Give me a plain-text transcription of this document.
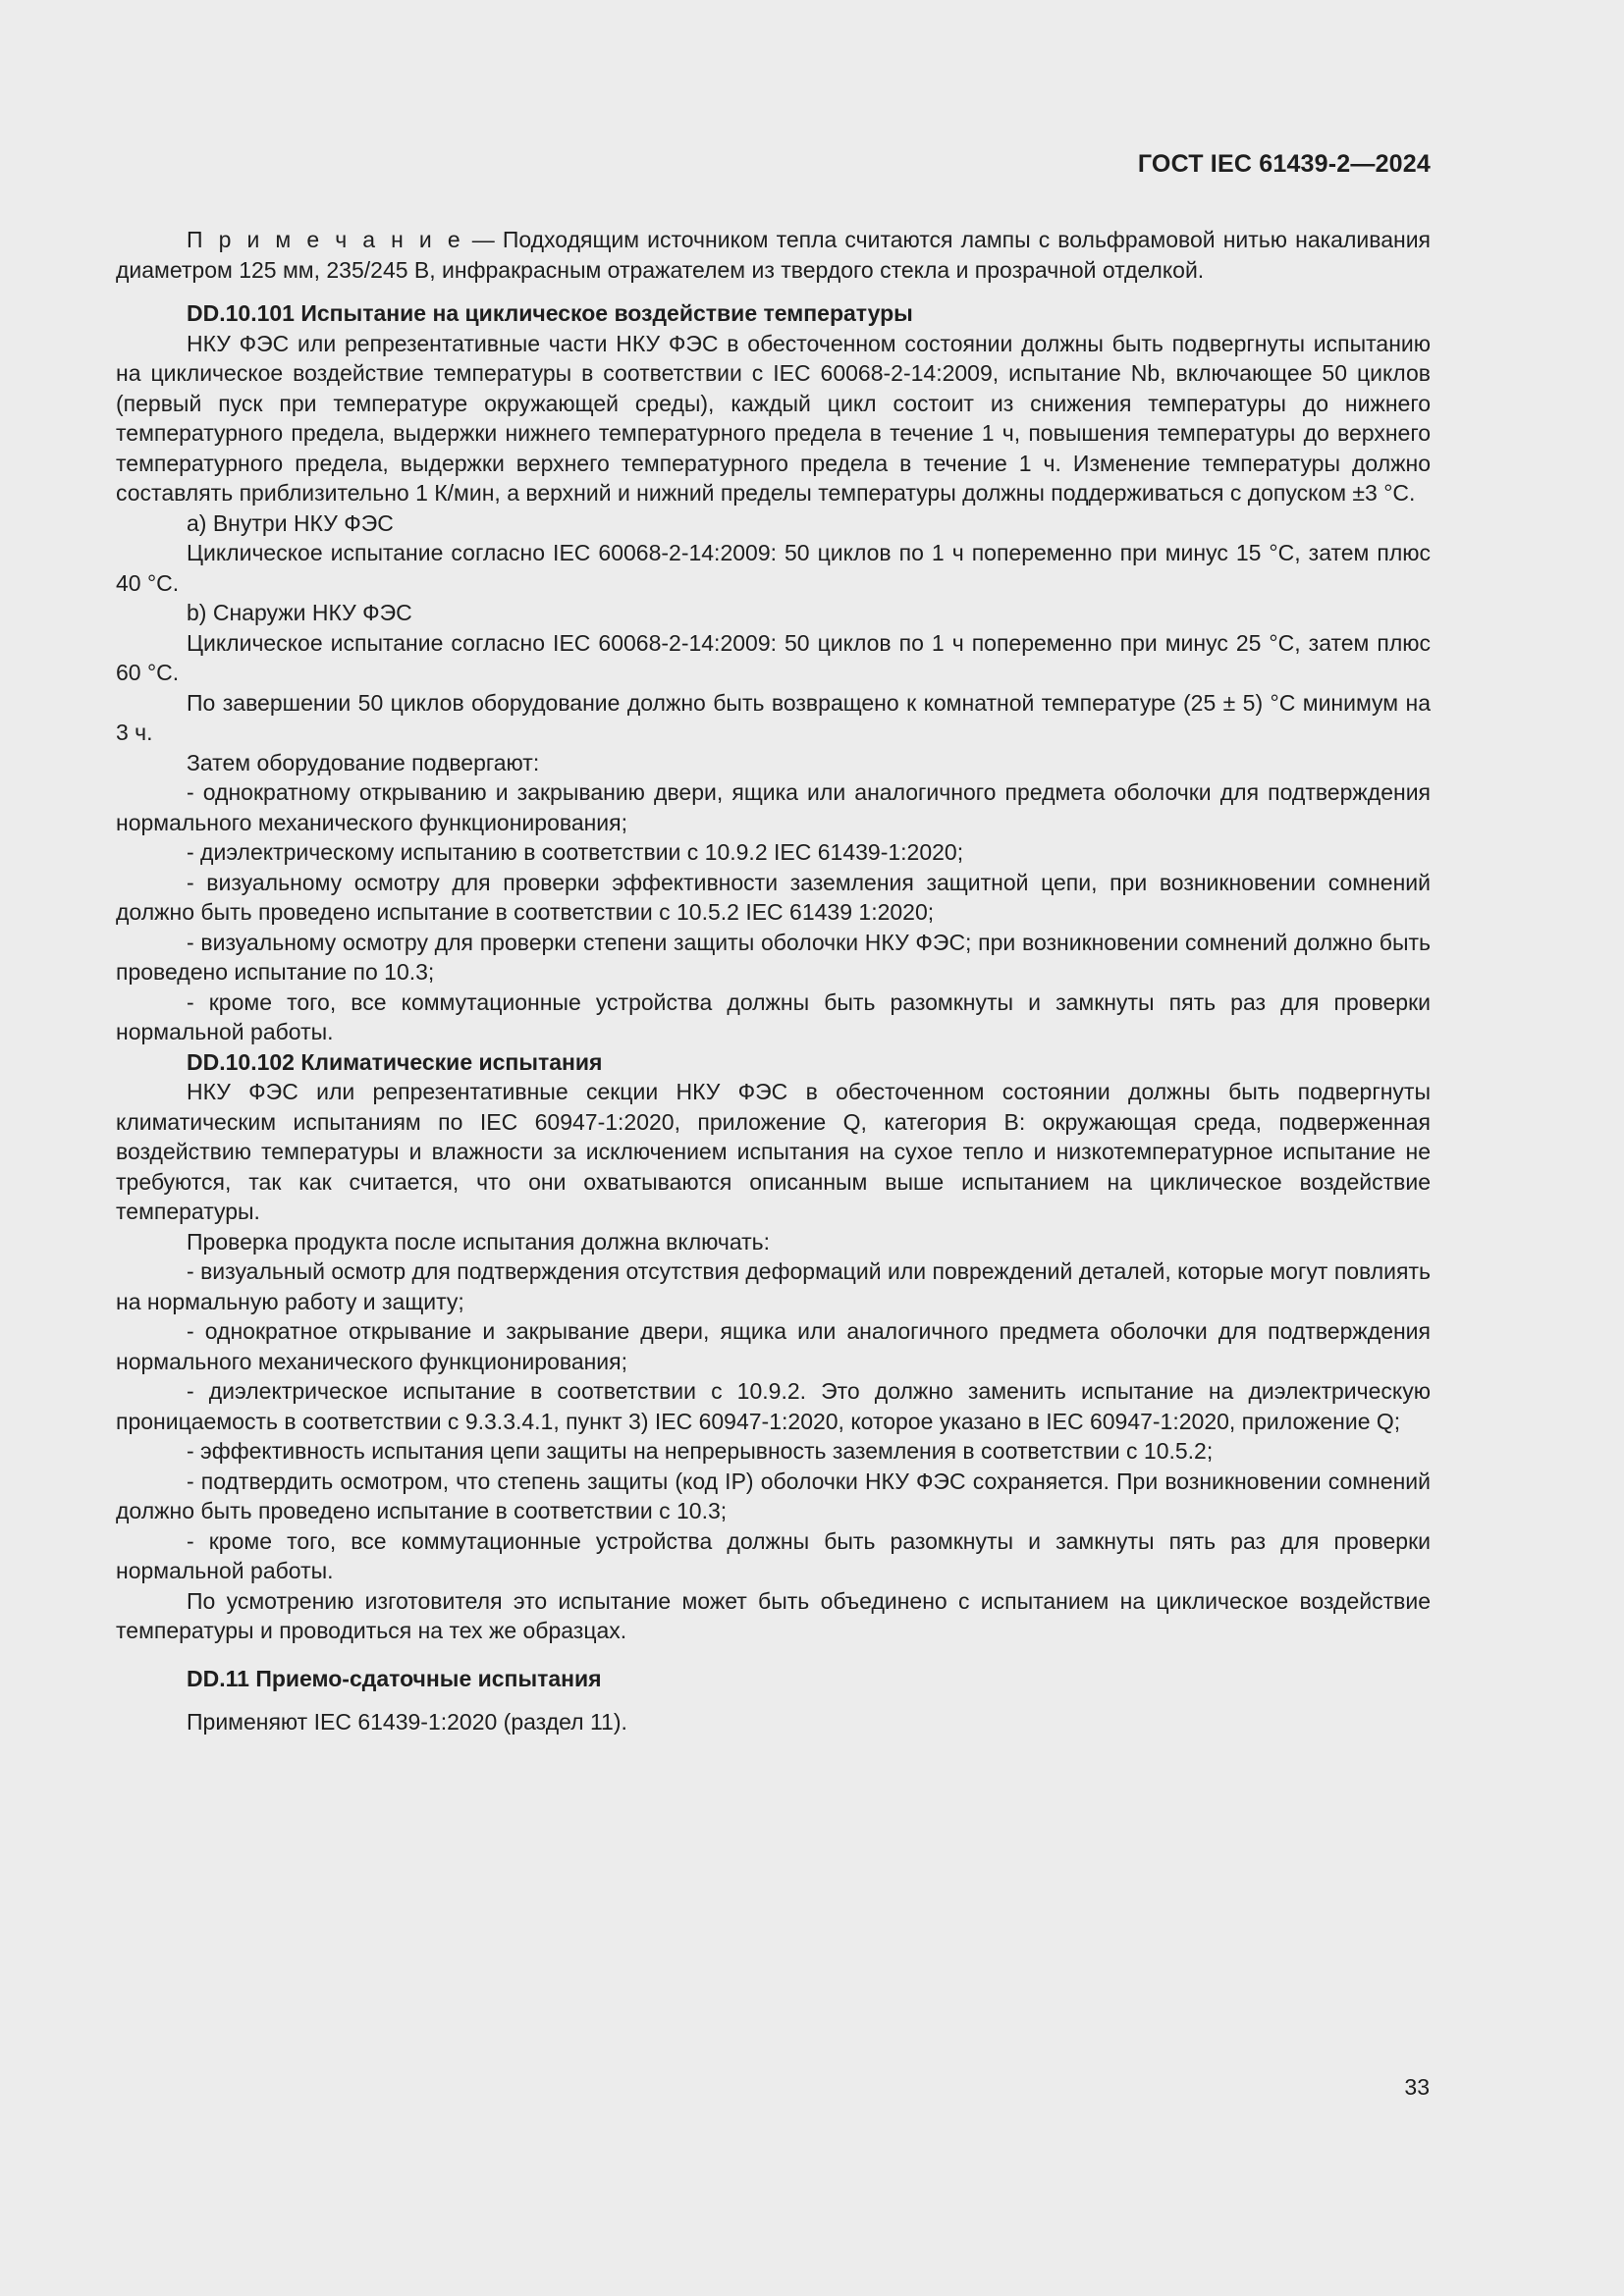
ГОСТ IEC 61439-2—2024

П р и м е ч а н и е — Подходящим источником тепла считаются лампы с вольфрамовой нитью накаливания диаметром 125 мм, 235/245 В, инфракрасным отражателем из твердого стекла и прозрачной отделкой.

DD.10.101 Испытание на циклическое воздействие температуры

НКУ ФЭС или репрезентативные части НКУ ФЭС в обесточенном состоянии должны быть подвергнуты испытанию на циклическое воздействие температуры в соответствии с IEC 60068-2-14:2009, испытание Nb, включающее 50 циклов (первый пуск при температуре окружающей среды), каждый цикл состоит из снижения температуры до нижнего температурного предела, выдержки нижнего температурного предела в течение 1 ч, повышения температуры до верхнего температурного предела, выдержки верхнего температурного предела в течение 1 ч. Изменение температуры должно составлять приблизительно 1 К/мин, а верхний и нижний пределы температуры должны поддерживаться с допуском ±3 °C.

a) Внутри НКУ ФЭС

Циклическое испытание согласно IEC 60068-2-14:2009: 50 циклов по 1 ч попеременно при минус 15 °C, затем плюс 40 °C.

b) Снаружи НКУ ФЭС

Циклическое испытание согласно IEC 60068-2-14:2009: 50 циклов по 1 ч попеременно при минус 25 °C, затем плюс 60 °C.

По завершении 50 циклов оборудование должно быть возвращено к комнатной температуре (25 ± 5) °C минимум на 3 ч.

Затем оборудование подвергают:

- однократному открыванию и закрыванию двери, ящика или аналогичного предмета оболочки для подтверждения нормального механического функционирования;

- диэлектрическому испытанию в соответствии с 10.9.2 IEC 61439-1:2020;

- визуальному осмотру для проверки эффективности заземления защитной цепи, при возникновении сомнений должно быть проведено испытание в соответствии с 10.5.2 IEC 61439 1:2020;

- визуальному осмотру для проверки степени защиты оболочки НКУ ФЭС; при возникновении сомнений должно быть проведено испытание по 10.3;

- кроме того, все коммутационные устройства должны быть разомкнуты и замкнуты пять раз для проверки нормальной работы.

DD.10.102 Климатические испытания

НКУ ФЭС или репрезентативные секции НКУ ФЭС в обесточенном состоянии должны быть подвергнуты климатическим испытаниям по IEC 60947-1:2020, приложение Q, категория B: окружающая среда, подверженная воздействию температуры и влажности за исключением испытания на сухое тепло и низкотемпературное испытание не требуются, так как считается, что они охватываются описанным выше испытанием на циклическое воздействие температуры.

Проверка продукта после испытания должна включать:

- визуальный осмотр для подтверждения отсутствия деформаций или повреждений деталей, которые могут повлиять на нормальную работу и защиту;

- однократное открывание и закрывание двери, ящика или аналогичного предмета оболочки для подтверждения нормального механического функционирования;

- диэлектрическое испытание в соответствии с 10.9.2. Это должно заменить испытание на диэлектрическую проницаемость в соответствии с 9.3.3.4.1, пункт 3) IEC 60947-1:2020, которое указано в IEC 60947-1:2020, приложение Q;

- эффективность испытания цепи защиты на непрерывность заземления в соответствии с 10.5.2;

- подтвердить осмотром, что степень защиты (код IP) оболочки НКУ ФЭС сохраняется. При возникновении сомнений должно быть проведено испытание в соответствии с 10.3;

- кроме того, все коммутационные устройства должны быть разомкнуты и замкнуты пять раз для проверки нормальной работы.

По усмотрению изготовителя это испытание может быть объединено с испытанием на циклическое воздействие температуры и проводиться на тех же образцах.

DD.11 Приемо-сдаточные испытания

Применяют IEC 61439-1:2020 (раздел 11).

33
